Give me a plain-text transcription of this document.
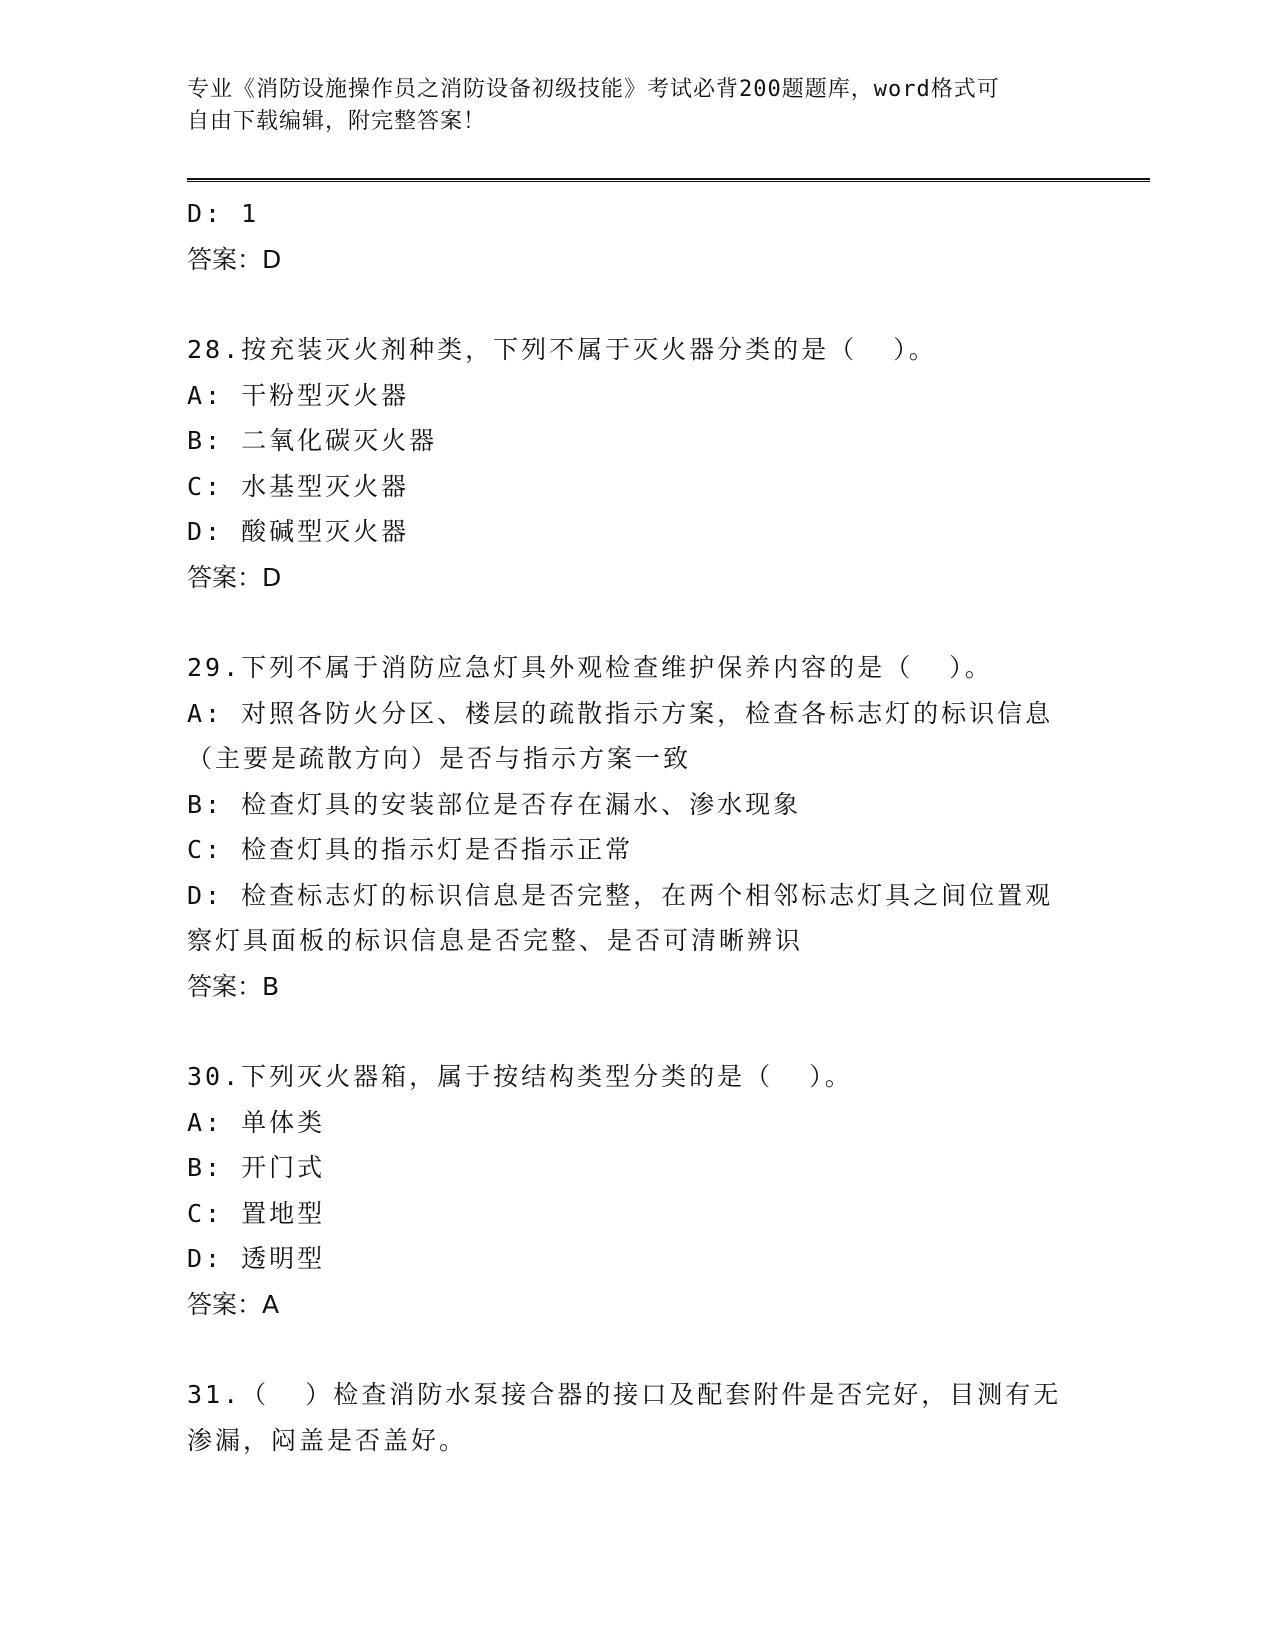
专业《消防设施操作员之消防设备初级技能》考试必背200题题库，word格式可
自由下载编辑，附完整答案！
D: 1
答案：D
28.按充装灭火剂种类，下列不属于灭火器分类的是（  ）。
A: 干粉型灭火器
B: 二氧化碳灭火器
C: 水基型灭火器
D: 酸碱型灭火器
答案：D
29.下列不属于消防应急灯具外观检查维护保养内容的是（  ）。
A: 对照各防火分区、楼层的疏散指示方案，检查各标志灯的标识信息
（主要是疏散方向）是否与指示方案一致
B: 检查灯具的安装部位是否存在漏水、渗水现象
C: 检查灯具的指示灯是否指示正常
D: 检查标志灯的标识信息是否完整，在两个相邻标志灯具之间位置观
察灯具面板的标识信息是否完整、是否可清晰辨识
答案：B
30.下列灭火器箱，属于按结构类型分类的是（  ）。
A: 单体类
B: 开门式
C: 置地型
D: 透明型
答案：A
31.（  ）检查消防水泵接合器的接口及配套附件是否完好，目测有无
渗漏，闷盖是否盖好。
